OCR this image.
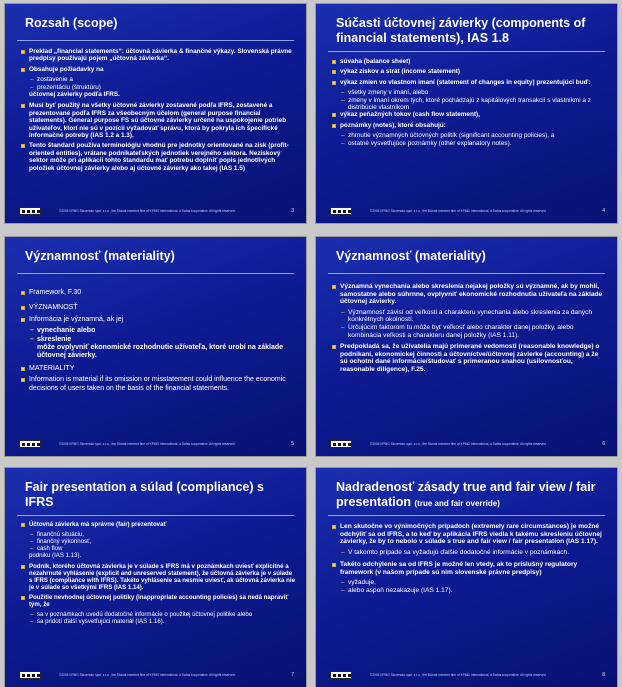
Rozsah (scope)
Preklad „financial statements“: účtovná závierka & finančné výkazy. Slovenská právne predpisy používajú pojem „účtovná závierka“.
Obsahuje požiadavky na
– zostavenie a
– prezentáciu (štruktúru)
účtovnej závierky podľa IFRS.
Musí byť použitý na všetky účtovné závierky zostavené podľa IFRS, zostavené a prezentované podľa IFRS za všeobecným účelom (general purpose financial statements). General purpose FS sú účtovné závierky určené na uspokojenie potrieb užívateľov, ktorí nie sú v pozícii vyžadovať správu, ktorá by pokryla ich špecifické informačné potreby (IAS 1.2 a 1.3).
Tento štandard používa terminológiu vhodnú pre jednotky orientované na zisk (profit-oriented entities), vrátane podnikateľských jednotiek verejného sektora. Neziskový sektor môže pri aplikácii tohto štandardu mať potrebu doplniť popis jednotlivých položiek účtovnej závierky alebo aj účtovné závierky ako takej (IAS 1.5)
©2005 KPMG Slovensko spol. s r.o., the Slovak member firm of KPMG International, a Swiss cooperative. All rights reserved.	3
Súčasti účtovnej závierky (components of financial statements), IAS 1.8
súvaha (balance sheet)
výkaz ziskov a strát (income statement)
výkaz zmien vo vlastnom imaní (statement of changes in equity) prezentujúci buď:
– všetky zmeny v imaní, alebo
– zmeny v imaní okrem tých, ktoré pochádzajú z kapitálových transakcií s vlastníkmi a z distribúcie vlastníkom
výkaz peňažných tokov (cash flow statement),
poznámky (notes), ktoré obsahujú:
– zhrnutie významných účtovných politík (significant accounting policies), a
– ostatné vysvetľujúce poznámky (other explanatory notes).
©2005 KPMG Slovensko spol. s r.o., the Slovak member firm of KPMG International, a Swiss cooperative. All rights reserved.	4
Významnosť (materiality)
Framework, F.30
VÝZNAMNOSŤ
Informácia je významná, ak jej
– vynechanie alebo
– skreslenie
môže ovplyvniť ekonomické rozhodnutie užívateľa, ktoré urobí na základe účtovnej závierky.
MATERIALITY
Information is material if its omission or misstatement could influence the economic decisions of users taken on the basis of the financial statements.
©2005 KPMG Slovensko spol. s r.o., the Slovak member firm of KPMG International, a Swiss cooperative. All rights reserved.	5
Významnosť (materiality)
Významná vynechania alebo skreslenia nejakej položky sú významné, ak by mohli, samostatne alebo súhrnne, ovplyvniť ekonomické rozhodnutia užívateľa na základe účtovnej závierky.
– Významnosť závisí od veľkosti a charakteru vynechania alebo skreslenia za daných konkrétnych okolností.
– Určujúcim faktorom tu môže byť veľkosť alebo charakter danej položky, alebo kombinácia veľkosti a charakteru danej položky (IAS 1.11).
Predpokladá sa, že užívatelia majú primerané vedomosti (reasonable knowledge) o podnikaní, ekonomickej činnosti a účtovníctve/účtovnej závierke (accounting) a že sú ochotní dané informácie/študovať s primeranou snahou (usilovnosťou, reasonable diligence), F.25.
©2005 KPMG Slovensko spol. s r.o., the Slovak member firm of KPMG International, a Swiss cooperative. All rights reserved.	6
Fair presentation a súlad (compliance) s IFRS
Účtovná závierka má správne (fair) prezentovať
– finančnú situáciu,
– finančný výkonnosť,
– cash flow
podniku (IAS 1.13).
Podnik, ktorého účtovná závierka je v súlade s IFRS má v poznámkach uviesť explicitné a nezahrnuté vyhlásenie (explicit and unreserved statement), že účtovná závierka je v súlade s IFRS (compliance with IFRS). Takéto vyhlásenie sa nesmie uviesť, ak účtovná závierka nie je v súlade so všetkými IFRS (IAS 1.14).
Použitie nevhodnej účtovnej politiky (inappropriate accounting policies) sa nedá napraviť tým, že
– sa v poznámkach uvedú dodatočné informácie o použitej účtovnej politike alebo
– sa pridotí ďalší vysvetľujúci materiál (IAS 1.16).
©2005 KPMG Slovensko spol. s r.o., the Slovak member firm of KPMG International, a Swiss cooperative. All rights reserved.	7
Nadradenosť zásady true and fair view / fair presentation (true and fair override)
Len skutočne vo výnimočných prípadoch (extremely rare circumstances) je možné odchýliť sa od IFRS, a to keď by aplikácia IFRS viedla k takému skresleniu účtovnej závierky, že by to nebolo v súlade s true and fair view / fair presentation (IAS 1.17).
– V takomto prípade sa vyžadujú ďalšie dodatočné informácie v poznámkach.
Takéto odchýlenie sa od IFRS je možné len vtedy, ak to príslušný regulatory framework (v našom prípade sú nim slovenské právne predpisy)
– vyžaduje,
– alebo aspoň nezakazuje (IAS 1.17).
©2005 KPMG Slovensko spol. s r.o., the Slovak member firm of KPMG International, a Swiss cooperative. All rights reserved.	8
